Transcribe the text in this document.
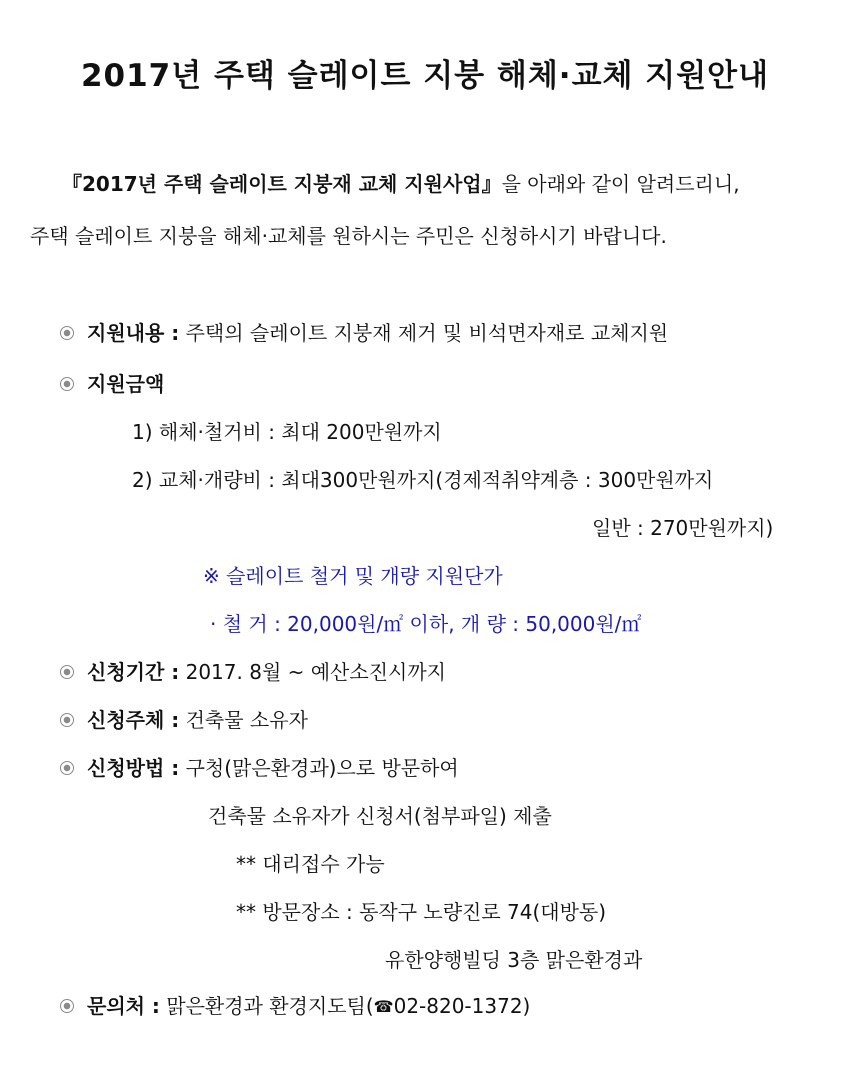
2017년 주택 슬레이트 지붕 해체·교체 지원안내
『2017년 주택 슬레이트 지붕재 교체 지원사업』을 아래와 같이 알려드리니,
주택 슬레이트 지붕을 해체·교체를 원하시는 주민은 신청하시기 바랍니다.
지원내용 : 주택의 슬레이트 지붕재 제거 및 비석면자재로 교체지원
지원금액
1) 해체·철거비 : 최대 200만원까지
2) 교체·개량비 : 최대300만원까지(경제적취약계층 : 300만원까지
일반 : 270만원까지)
※ 슬레이트 철거 및 개량 지원단가
· 철 거 : 20,000원/㎡ 이하, 개 량 : 50,000원/㎡
신청기간 : 2017. 8월 ~ 예산소진시까지
신청주체 : 건축물 소유자
신청방법 : 구청(맑은환경과)으로 방문하여
건축물 소유자가 신청서(첨부파일) 제출
** 대리접수 가능
** 방문장소 : 동작구 노량진로 74(대방동)
유한양행빌딩 3층 맑은환경과
문의처 : 맑은환경과 환경지도팀(☎02-820-1372)
